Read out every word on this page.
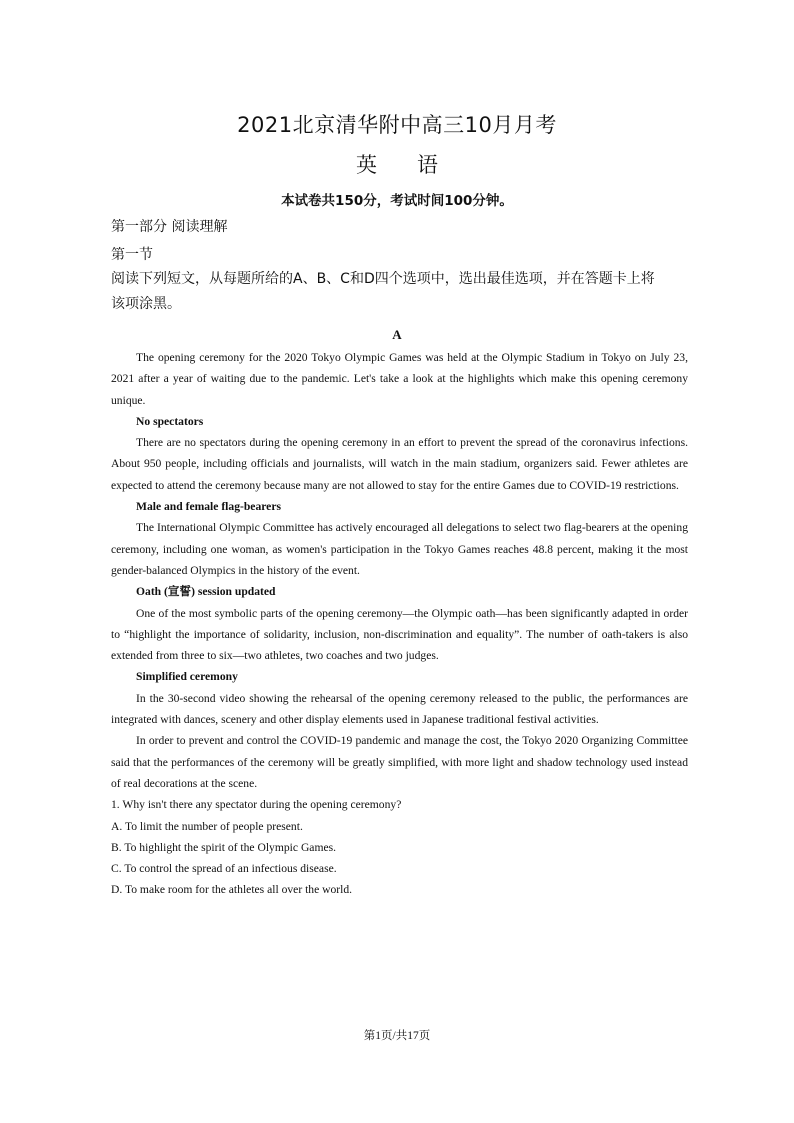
2021北京清华附中高三10月月考
英 语
本试卷共150分，考试时间100分钟。
第一部分 阅读理解
第一节
阅读下列短文，从每题所给的A、B、C和D四个选项中，选出最佳选项，并在答题卡上将
该项涂黑。
A

The opening ceremony for the 2020 Tokyo Olympic Games was held at the Olympic Stadium in Tokyo on July 23, 2021 after a year of waiting due to the pandemic. Let's take a look at the highlights which make this opening ceremony unique.

No spectators

There are no spectators during the opening ceremony in an effort to prevent the spread of the coronavirus infections. About 950 people, including officials and journalists, will watch in the main stadium, organizers said. Fewer athletes are expected to attend the ceremony because many are not allowed to stay for the entire Games due to COVID-19 restrictions.

Male and female flag-bearers

The International Olympic Committee has actively encouraged all delegations to select two flag-bearers at the opening ceremony, including one woman, as women's participation in the Tokyo Games reaches 48.8 percent, making it the most gender-balanced Olympics in the history of the event.

Oath (宣誓) session updated

One of the most symbolic parts of the opening ceremony—the Olympic oath—has been significantly adapted in order to “highlight the importance of solidarity, inclusion, non-discrimination and equality”. The number of oath-takers is also extended from three to six—two athletes, two coaches and two judges.

Simplified ceremony

In the 30-second video showing the rehearsal of the opening ceremony released to the public, the performances are integrated with dances, scenery and other display elements used in Japanese traditional festival activities.

In order to prevent and control the COVID-19 pandemic and manage the cost, the Tokyo 2020 Organizing Committee said that the performances of the ceremony will be greatly simplified, with more light and shadow technology used instead of real decorations at the scene.

1. Why isn't there any spectator during the opening ceremony?

A. To limit the number of people present.

B. To highlight the spirit of the Olympic Games.

C. To control the spread of an infectious disease.

D. To make room for the athletes all over the world.

第1页/共17页
